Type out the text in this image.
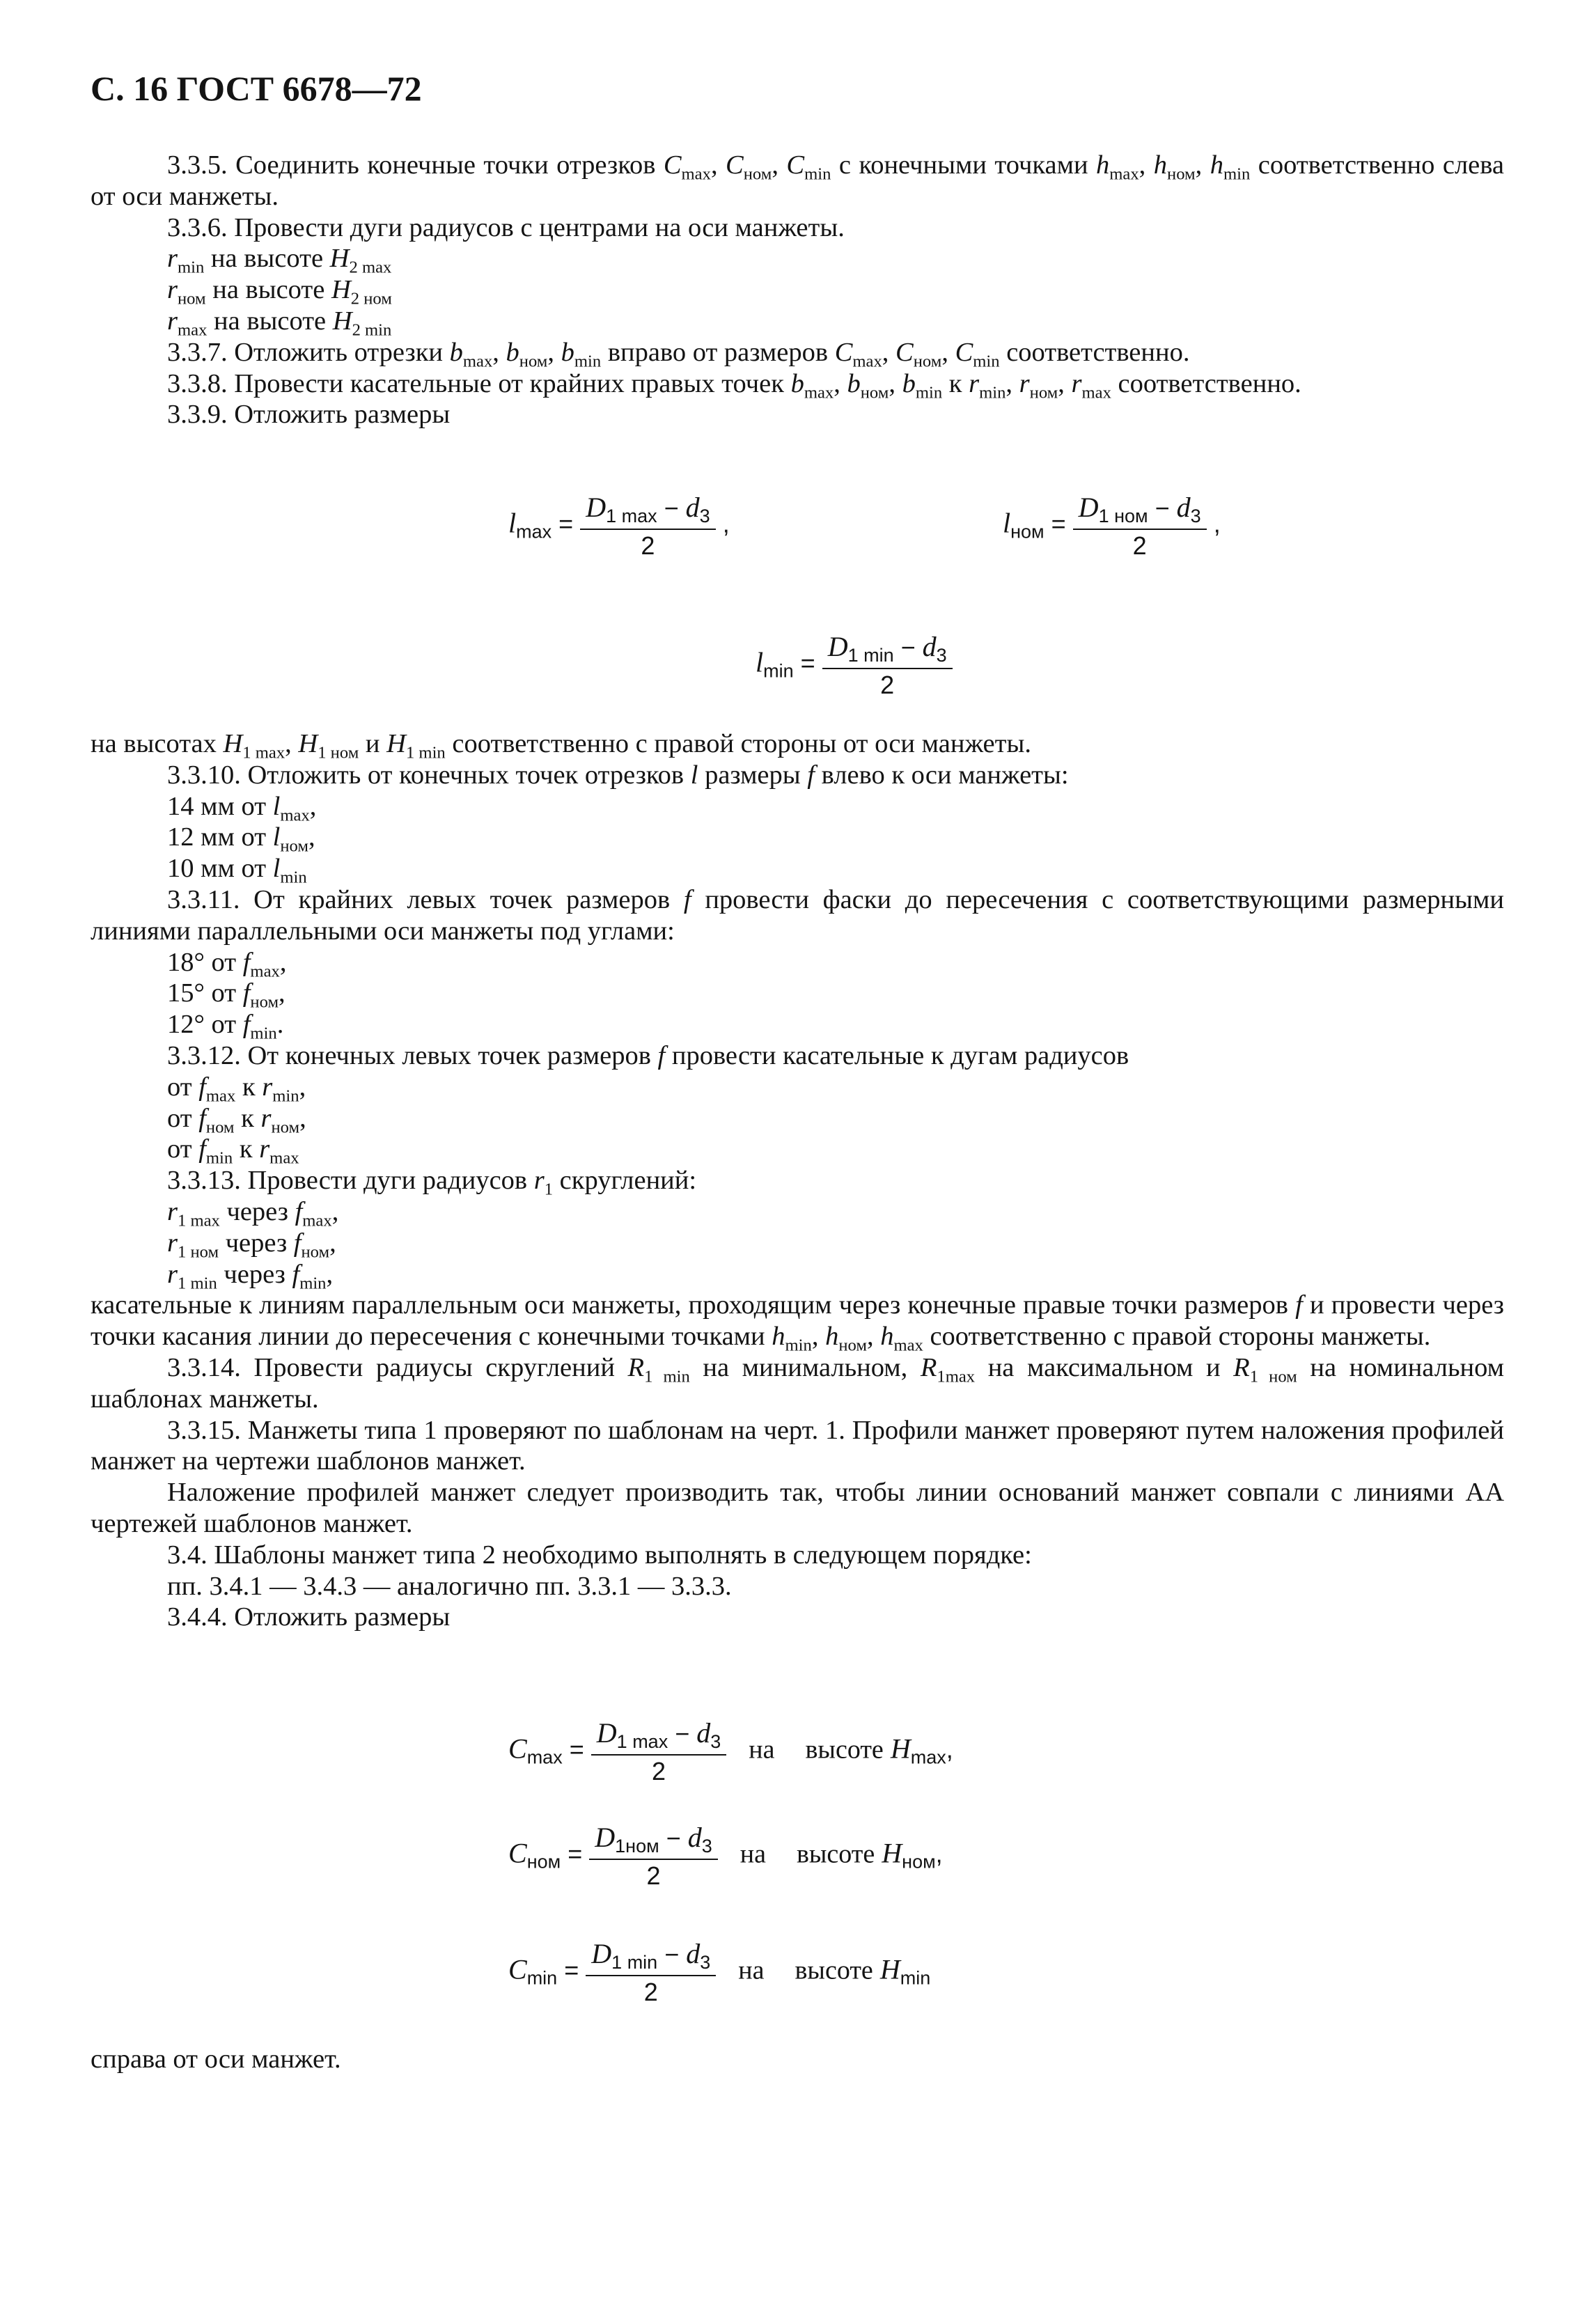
С. 16 ГОСТ 6678—72

3.3.5. Соединить конечные точки отрезков $C_{max}$, $C_{ном}$, $C_{min}$ с конечными точками $h_{max}$, $h_{ном}$, $h_{min}$ соответственно слева от оси манжеты.

3.3.6. Провести дуги радиусов с центрами на оси манжеты.

$r_{min}$ на высоте $H_{2 max}$

$r_{ном}$ на высоте $H_{2 ном}$

$r_{max}$ на высоте $H_{2 min}$

3.3.7. Отложить отрезки $b_{max}$, $b_{ном}$, $b_{min}$ вправо от размеров $C_{max}$, $C_{ном}$, $C_{min}$ соответственно.

3.3.8. Провести касательные от крайних правых точек $b_{max}$, $b_{ном}$, $b_{min}$ к $r_{min}$, $r_{ном}$, $r_{max}$ соответственно.

3.3.9. Отложить размеры

$l_{max} = \frac{D_{1 max} - d_3}{2}$ ,	$l_{ном} = \frac{D_{1 ном} - d_3}{2}$ ,
$l_{min} = \frac{D_{1 min} - d_3}{2}$

на высотах $H_{1 max}$, $H_{1 ном}$ и $H_{1 min}$ соответственно с правой стороны от оси манжеты.

3.3.10. Отложить от конечных точек отрезков l размеры f влево к оси манжеты:

14 мм от $l_{max}$,

12 мм от $l_{ном}$,

10 мм от $l_{min}$

3.3.11. От крайних левых точек размеров f провести фаски до пересечения с соответствующими размерными линиями параллельными оси манжеты под углами:

18° от $f_{max}$,

15° от $f_{ном}$,

12° от $f_{min}$.

3.3.12. От конечных левых точек размеров f провести касательные к дугам радиусов

от $f_{max}$ к $r_{min}$,

от $f_{ном}$ к $r_{ном}$,

от $f_{min}$ к $r_{max}$

3.3.13. Провести дуги радиусов $r_1$ скруглений:

$r_{1 max}$ через $f_{max}$,

$r_{1 ном}$ через $f_{ном}$,

$r_{1 min}$ через $f_{min}$,

касательные к линиям параллельным оси манжеты, проходящим через конечные правые точки размеров f и провести через точки касания линии до пересечения с конечными точками $h_{min}$, $h_{ном}$, $h_{max}$ соответственно с правой стороны манжеты.

3.3.14. Провести радиусы скруглений $R_{1 min}$ на минимальном, $R_{1max}$ на максимальном и $R_{1 ном}$ на номинальном шаблонах манжеты.

3.3.15. Манжеты типа 1 проверяют по шаблонам на черт. 1. Профили манжет проверяют путем наложения профилей манжет на чертежи шаблонов манжет.

Наложение профилей манжет следует производить так, чтобы линии оснований манжет совпали с линиями АА чертежей шаблонов манжет.

3.4. Шаблоны манжет типа 2 необходимо выполнять в следующем порядке:

пп. 3.4.1 — 3.4.3 — аналогично пп. 3.3.1 — 3.3.3.

3.4.4. Отложить размеры

$C_{max} = \frac{D_{1 max} - d_3}{2}$ на высоте $H_{max}$,
$C_{ном} = \frac{D_{1ном} - d_3}{2}$ на высоте $H_{ном}$,
$C_{min} = \frac{D_{1 min} - d_3}{2}$ на высоте $H_{min}$

справа от оси манжет.
